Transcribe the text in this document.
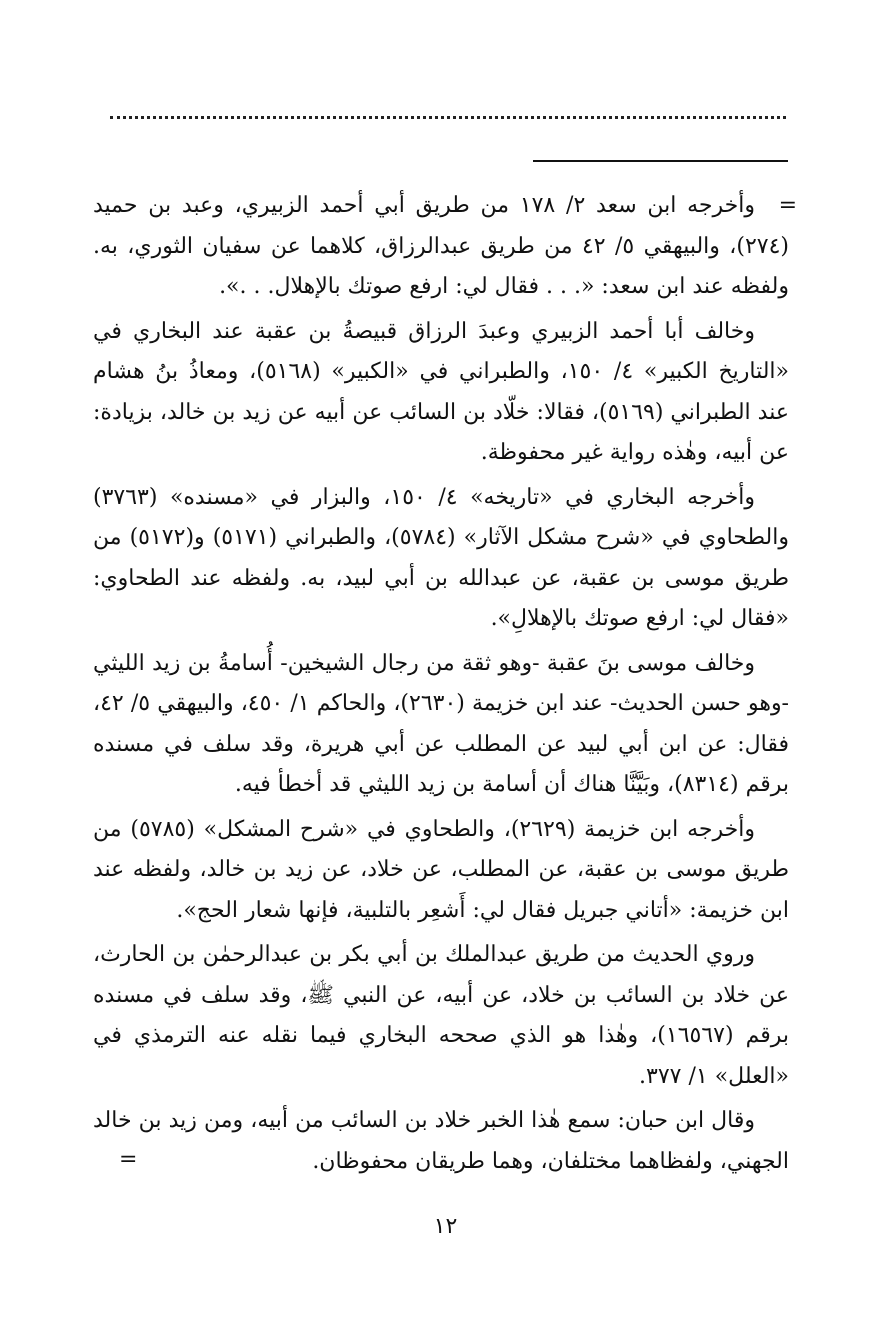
=
وأخرجه ابن سعد ٢/ ١٧٨ من طريق أبي أحمد الزبيري، وعبد بن حميد (٢٧٤)، والبيهقي ٥/ ٤٢ من طريق عبدالرزاق، كلاهما عن سفيان الثوري، به. ولفظه عند ابن سعد: «. . . فقال لي: ارفع صوتك بالإهلال. . .».

وخالف أبا أحمد الزبيري وعبدَ الرزاق قبيصةُ بن عقبة عند البخاري في «التاريخ الكبير» ٤/ ١٥٠، والطبراني في «الكبير» (٥١٦٨)، ومعاذُ بنُ هشام عند الطبراني (٥١٦٩)، فقالا: خلّاد بن السائب عن أبيه عن زيد بن خالد، بزيادة: عن أبيه، وهٰذه رواية غير محفوظة.

وأخرجه البخاري في «تاريخه» ٤/ ١٥٠، والبزار في «مسنده» (٣٧٦٣) والطحاوي في «شرح مشكل الآثار» (٥٧٨٤)، والطبراني (٥١٧١) و(٥١٧٢) من طريق موسى بن عقبة، عن عبدالله بن أبي لبيد، به. ولفظه عند الطحاوي: «فقال لي: ارفع صوتك بالإهلالِ».

وخالف موسى بنَ عقبة -وهو ثقة من رجال الشيخين- أُسامةُ بن زيد الليثي -وهو حسن الحديث- عند ابن خزيمة (٢٦٣٠)، والحاكم ١/ ٤٥٠، والبيهقي ٥/ ٤٢، فقال: عن ابن أبي لبيد عن المطلب عن أبي هريرة، وقد سلف في مسنده برقم (٨٣١٤)، وبَيَّنَّا هناك أن أسامة بن زيد الليثي قد أخطأ فيه.

وأخرجه ابن خزيمة (٢٦٢٩)، والطحاوي في «شرح المشكل» (٥٧٨٥) من طريق موسى بن عقبة، عن المطلب، عن خلاد، عن زيد بن خالد، ولفظه عند ابن خزيمة: «أتاني جبريل فقال لي: أَشعِر بالتلبية، فإنها شعار الحج».

وروي الحديث من طريق عبدالملك بن أبي بكر بن عبدالرحمٰن بن الحارث، عن خلاد بن السائب بن خلاد، عن أبيه، عن النبي ﷺ، وقد سلف في مسنده برقم (١٦٥٦٧)، وهٰذا هو الذي صححه البخاري فيما نقله عنه الترمذي في «العلل» ١/ ٣٧٧.

وقال ابن حبان: سمع هٰذا الخبر خلاد بن السائب من أبيه، ومن زيد بن خالد الجهني، ولفظاهما مختلفان، وهما طريقان محفوظان.
=

١٢
